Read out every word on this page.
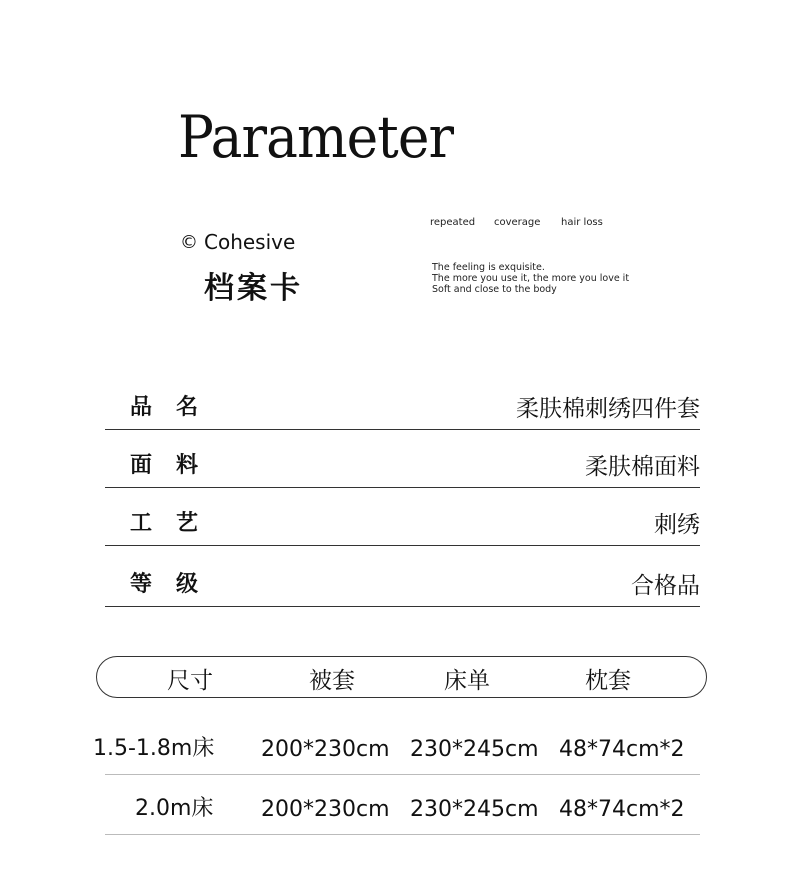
Parameter
© Cohesive
档案卡
repeated coverage hair loss
The feeling is exquisite.
The more you use it, the more you love it
Soft and close to the body
品名	柔肤棉刺绣四件套
面料	柔肤棉面料
工艺	刺绣
等级	合格品
尺寸	被套	床单	枕套
1.5-1.8m床 200*230cm 230*245cm 48*74cm*2
2.0m床 200*230cm 230*245cm 48*74cm*2
